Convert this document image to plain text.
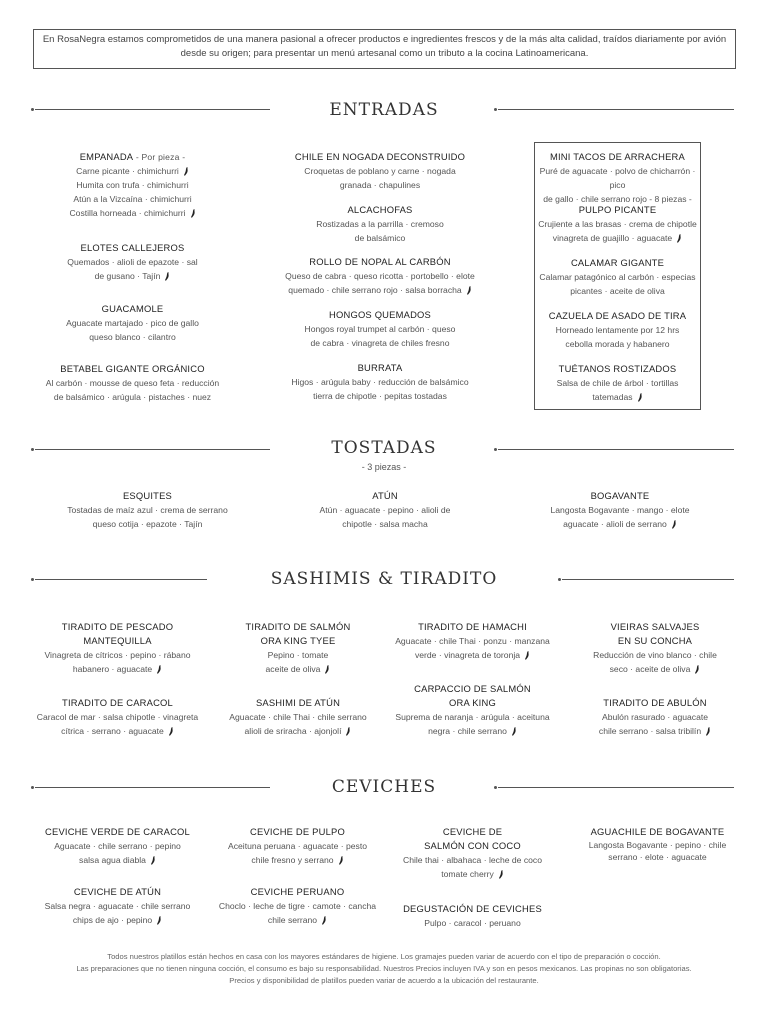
En RosaNegra estamos comprometidos de una manera pasional a ofrecer productos e ingredientes frescos y de la más alta calidad, traídos diariamente por avión desde su origen; para presentar un menú artesanal como un tributo a la cocina Latinoamericana.
ENTRADAS
EMPANADA - Por pieza -
Carne picante · chimichurri
Humita con trufa · chimichurri
Atún a la Vizcaína · chimichurri
Costilla horneada · chimichurri
ELOTES CALLEJEROS
Quemados · alioli de epazote · sal
de gusano · Tajín
GUACAMOLE
Aguacate martajado · pico de gallo
queso blanco · cilantro
BETABEL GIGANTE ORGÁNICO
Al carbón · mousse de queso feta · reducción
de balsámico · arúgula · pistaches · nuez
CHILE EN NOGADA DECONSTRUIDO
Croquetas de poblano y carne · nogada
granada · chapulines
ALCACHOFAS
Rostizadas a la parrilla · cremoso
de balsámico
ROLLO DE NOPAL AL CARBÓN
Queso de cabra · queso ricotta · portobello · elote
quemado · chile serrano rojo · salsa borracha
HONGOS QUEMADOS
Hongos royal trumpet al carbón · queso
de cabra · vinagreta de chiles fresno
BURRATA
Higos · arúgula baby · reducción de balsámico
tierra de chipotle · pepitas tostadas
MINI TACOS DE ARRACHERA
Puré de aguacate · polvo de chicharrón · pico
de gallo · chile serrano rojo - 8 piezas -
PULPO PICANTE
Crujiente a las brasas · crema de chipotle
vinagreta de guajillo · aguacate
CALAMAR GIGANTE
Calamar patagónico al carbón · especias
picantes · aceite de oliva
CAZUELA DE ASADO DE TIRA
Horneado lentamente por 12 hrs
cebolla morada y habanero
TUÉTANOS ROSTIZADOS
Salsa de chile de árbol · tortillas
tatemadas
TOSTADAS
- 3 piezas -
ESQUITES
Tostadas de maíz azul · crema de serrano
queso cotija · epazote · Tajín
ATÚN
Atún · aguacate · pepino · alioli de
chipotle · salsa macha
BOGAVANTE
Langosta Bogavante · mango · elote
aguacate · alioli de serrano
SASHIMIS & TIRADITO
TIRADITO DE PESCADO
MANTEQUILLA
Vinagreta de cítricos · pepino · rábano
habanero · aguacate
TIRADITO DE CARACOL
Caracol de mar · salsa chipotle · vinagreta
cítrica · serrano · aguacate
TIRADITO DE SALMÓN
ORA KING TYEE
Pepino · tomate
aceite de oliva
SASHIMI DE ATÚN
Aguacate · chile Thai · chile serrano
alioli de sriracha · ajonjolí
TIRADITO DE HAMACHI
Aguacate · chile Thai · ponzu · manzana
verde · vinagreta de toronja
CARPACCIO DE SALMÓN
ORA KING
Suprema de naranja · arúgula · aceituna
negra · chile serrano
VIEIRAS SALVAJES
EN SU CONCHA
Reducción de vino blanco · chile
seco · aceite de oliva
TIRADITO DE ABULÓN
Abulón rasurado · aguacate
chile serrano · salsa tribilín
CEVICHES
CEVICHE VERDE DE CARACOL
Aguacate · chile serrano · pepino
salsa agua diabla
CEVICHE DE ATÚN
Salsa negra · aguacate · chile serrano
chips de ajo · pepino
CEVICHE DE PULPO
Aceituna peruana · aguacate · pesto
chile fresno y serrano
CEVICHE PERUANO
Choclo · leche de tigre · camote · cancha
chile serrano
CEVICHE DE
SALMÓN CON COCO
Chile thai · albahaca · leche de coco
tomate cherry
DEGUSTACIÓN DE CEVICHES
Pulpo · caracol · peruano
AGUACHILE DE BOGAVANTE
Langosta Bogavante · pepino · chile
serrano · elote · aguacate
Todos nuestros platillos están hechos en casa con los mayores estándares de higiene. Los gramajes pueden variar de acuerdo con el tipo de preparación o cocción.
Las preparaciones que no tienen ninguna cocción, el consumo es bajo su responsabilidad. Nuestros Precios incluyen IVA y son en pesos mexicanos. Las propinas no son obligatorias.
Precios y disponibilidad de platillos pueden variar de acuerdo a la ubicación del restaurante.
